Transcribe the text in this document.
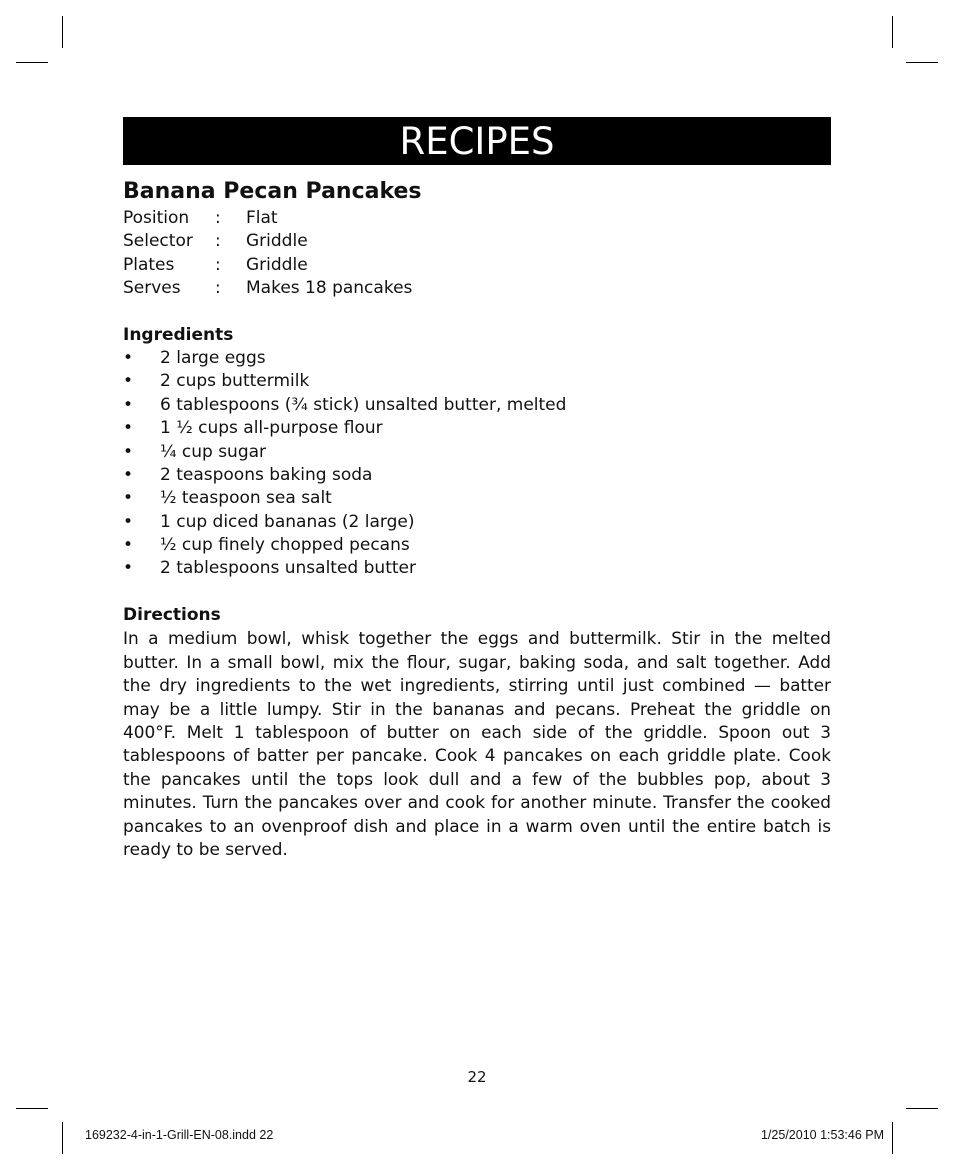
RECIPES
Banana Pecan Pancakes
Position	:	Flat
Selector	:	Griddle
Plates	:	Griddle
Serves	:	Makes 18 pancakes
Ingredients
•	2 large eggs
•	2 cups buttermilk
•	6 tablespoons (¾ stick) unsalted butter, melted
•	1 ½ cups all-purpose flour
•	¼ cup sugar
•	2 teaspoons baking soda
•	½ teaspoon sea salt
•	1 cup diced bananas (2 large)
•	½ cup finely chopped pecans
•	2 tablespoons unsalted butter
Directions

In a medium bowl, whisk together the eggs and buttermilk. Stir in the melted butter. In a small bowl, mix the flour, sugar, baking soda, and salt together. Add the dry ingredients to the wet ingredients, stirring until just combined — batter may be a little lumpy. Stir in the bananas and pecans. Preheat the griddle on 400°F. Melt 1 tablespoon of butter on each side of the griddle. Spoon out 3 tablespoons of batter per pancake. Cook 4 pancakes on each griddle plate. Cook the pancakes until the tops look dull and a few of the bubbles pop, about 3 minutes. Turn the pancakes over and cook for another minute. Transfer the cooked pancakes to an ovenproof dish and place in a warm oven until the entire batch is ready to be served.

22
169232-4-in-1-Grill-EN-08.indd 22	1/25/2010 1:53:46 PM
